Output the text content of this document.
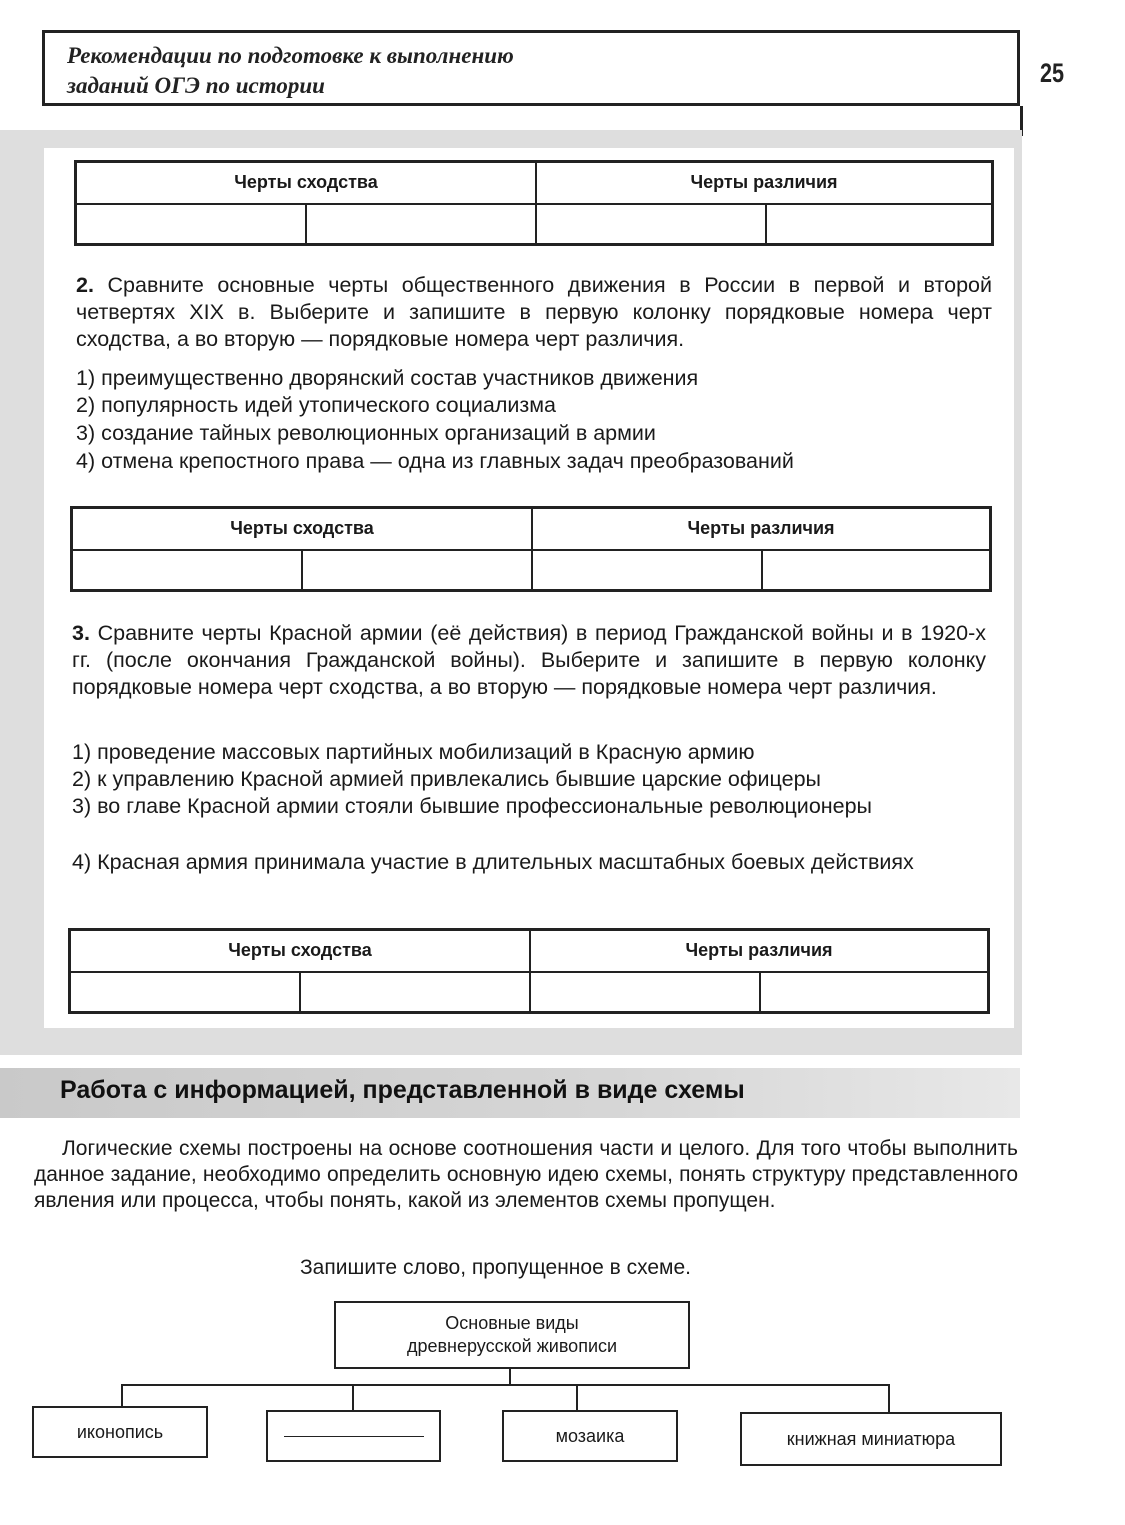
Рекомендации по подготовке к выполнению
заданий ОГЭ по истории	25
Черты сходства	Черты различия
2. Сравните основные черты общественного движения в России в первой и второй четвертях XIX в. Выберите и запишите в первую колонку порядковые номера черт сходства, а во вторую — порядковые номера черт различия.
1) преимущественно дворянский состав участников движения
2) популярность идей утопического социализма
3) создание тайных революционных организаций в армии
4) отмена крепостного права — одна из главных задач преобразований
Черты сходства	Черты различия
3. Сравните черты Красной армии (её действия) в период Гражданской войны и в 1920-х гг. (после окончания Гражданской войны). Выберите и запишите в первую колонку порядковые номера черт сходства, а во вторую — порядковые номера черт различия.
1) проведение массовых партийных мобилизаций в Красную армию
2) к управлению Красной армией привлекались бывшие царские офицеры
3) во главе Красной армии стояли бывшие профессиональные революционеры
4) Красная армия принимала участие в длительных масштабных боевых действиях
Черты сходства	Черты различия
Работа с информацией, представленной в виде схемы
Логические схемы построены на основе соотношения части и целого. Для того чтобы выполнить данное задание, необходимо определить основную идею схемы, понять структуру представленного явления или процесса, чтобы понять, какой из элементов схемы пропущен.
Запишите слово, пропущенное в схеме.
Основные виды древнерусской живописи
иконопись	мозаика	книжная миниатюра
